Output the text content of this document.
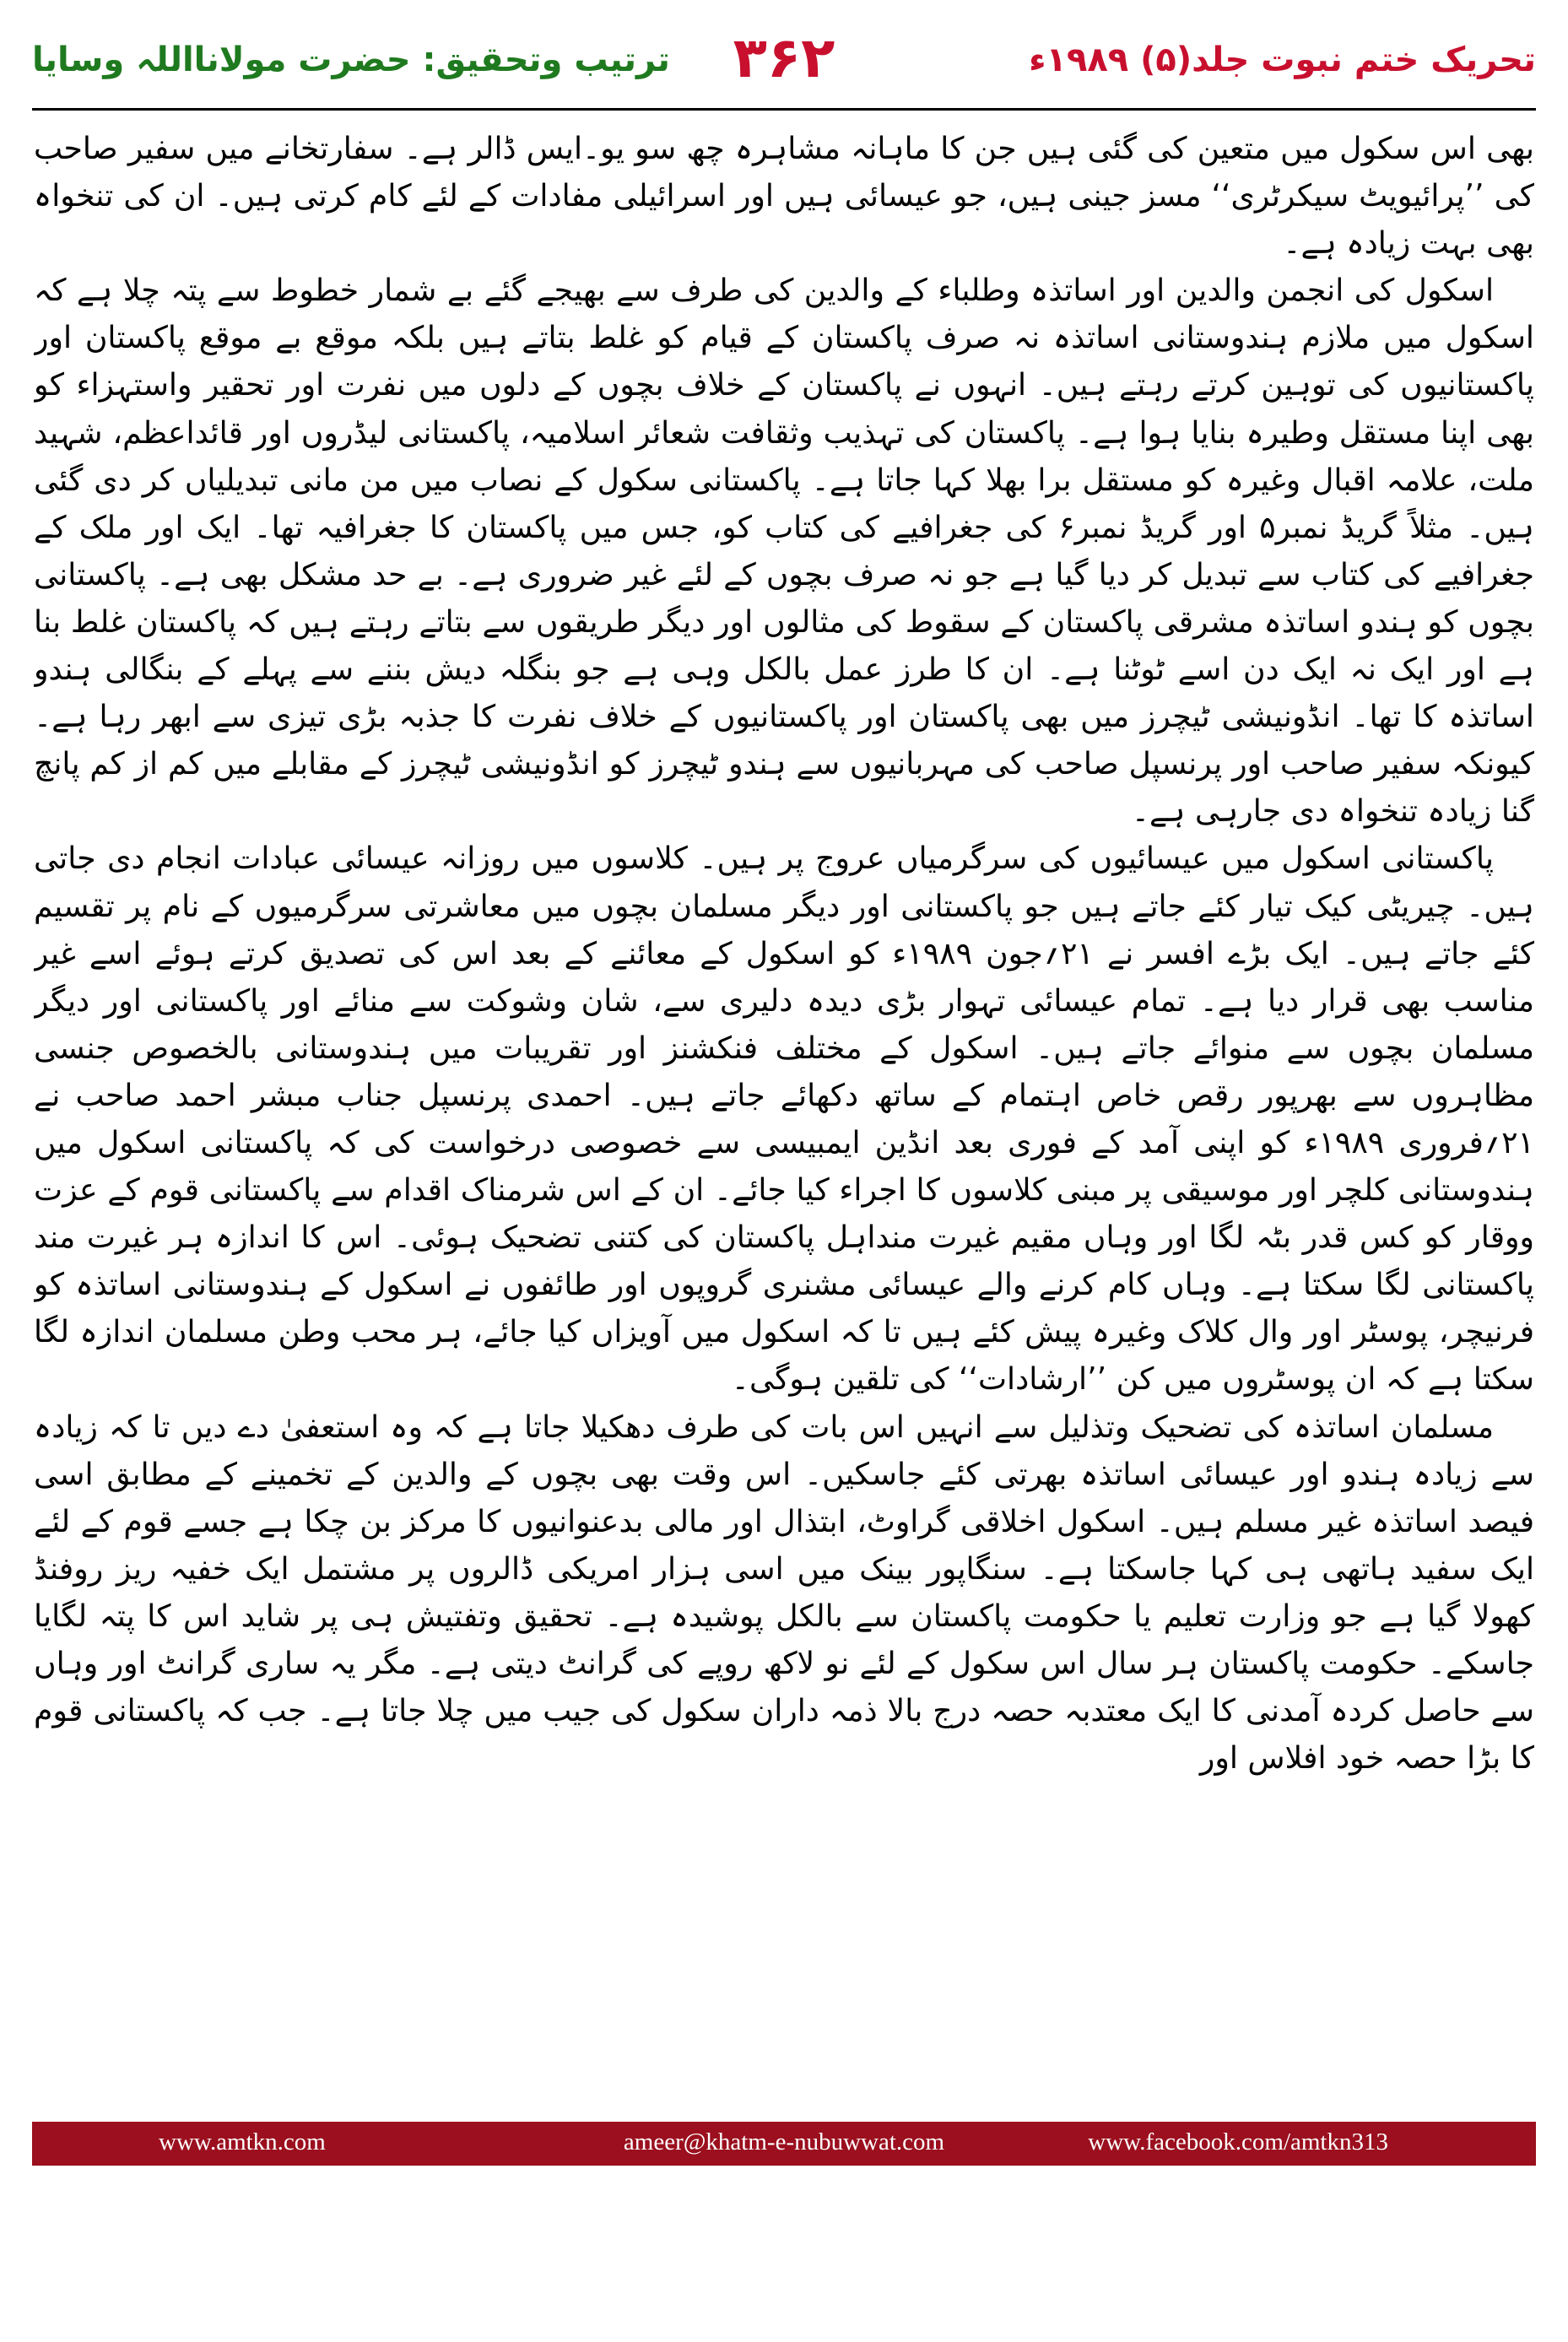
ترتیب وتحقیق: حضرت مولانااللہ وسایا	۳۶۲	تحریک ختم نبوت جلد(۵) ۱۹۸۹ء

بھی اس سکول میں متعین کی گئی ہیں جن کا ماہانہ مشاہرہ چھ سو یو۔ایس ڈالر ہے۔ سفارتخانے میں سفیر صاحب کی ’’پرائیویٹ سیکرٹری‘‘ مسز جینی ہیں، جو عیسائی ہیں اور اسرائیلی مفادات کے لئے کام کرتی ہیں۔ ان کی تنخواہ بھی بہت زیادہ ہے۔

اسکول کی انجمن والدین اور اساتذہ وطلباء کے والدین کی طرف سے بھیجے گئے بے شمار خطوط سے پتہ چلا ہے کہ اسکول میں ملازم ہندوستانی اساتذہ نہ صرف پاکستان کے قیام کو غلط بتاتے ہیں بلکہ موقع بے موقع پاکستان اور پاکستانیوں کی توہین کرتے رہتے ہیں۔ انہوں نے پاکستان کے خلاف بچوں کے دلوں میں نفرت اور تحقیر واستہزاء کو بھی اپنا مستقل وطیرہ بنایا ہوا ہے۔ پاکستان کی تہذیب وثقافت شعائر اسلامیہ، پاکستانی لیڈروں اور قائداعظم، شہید ملت، علامہ اقبال وغیرہ کو مستقل برا بھلا کہا جاتا ہے۔ پاکستانی سکول کے نصاب میں من مانی تبدیلیاں کر دی گئی ہیں۔ مثلاً گریڈ نمبر۵ اور گریڈ نمبر۶ کی جغرافیے کی کتاب کو، جس میں پاکستان کا جغرافیہ تھا۔ ایک اور ملک کے جغرافیے کی کتاب سے تبدیل کر دیا گیا ہے جو نہ صرف بچوں کے لئے غیر ضروری ہے۔ بے حد مشکل بھی ہے۔ پاکستانی بچوں کو ہندو اساتذہ مشرقی پاکستان کے سقوط کی مثالوں اور دیگر طریقوں سے بتاتے رہتے ہیں کہ پاکستان غلط بنا ہے اور ایک نہ ایک دن اسے ٹوٹنا ہے۔ ان کا طرز عمل بالکل وہی ہے جو بنگلہ دیش بننے سے پہلے کے بنگالی ہندو اساتذہ کا تھا۔ انڈونیشی ٹیچرز میں بھی پاکستان اور پاکستانیوں کے خلاف نفرت کا جذبہ بڑی تیزی سے ابھر رہا ہے۔ کیونکہ سفیر صاحب اور پرنسپل صاحب کی مہربانیوں سے ہندو ٹیچرز کو انڈونیشی ٹیچرز کے مقابلے میں کم از کم پانچ گنا زیادہ تنخواہ دی جارہی ہے۔

پاکستانی اسکول میں عیسائیوں کی سرگرمیاں عروج پر ہیں۔ کلاسوں میں روزانہ عیسائی عبادات انجام دی جاتی ہیں۔ چیریٹی کیک تیار کئے جاتے ہیں جو پاکستانی اور دیگر مسلمان بچوں میں معاشرتی سرگرمیوں کے نام پر تقسیم کئے جاتے ہیں۔ ایک بڑے افسر نے ۲۱؍جون ۱۹۸۹ء کو اسکول کے معائنے کے بعد اس کی تصدیق کرتے ہوئے اسے غیر مناسب بھی قرار دیا ہے۔ تمام عیسائی تہوار بڑی دیدہ دلیری سے، شان وشوکت سے منائے اور پاکستانی اور دیگر مسلمان بچوں سے منوائے جاتے ہیں۔ اسکول کے مختلف فنکشنز اور تقریبات میں ہندوستانی بالخصوص جنسی مظاہروں سے بھرپور رقص خاص اہتمام کے ساتھ دکھائے جاتے ہیں۔ احمدی پرنسپل جناب مبشر احمد صاحب نے ۲۱؍فروری ۱۹۸۹ء کو اپنی آمد کے فوری بعد انڈین ایمبیسی سے خصوصی درخواست کی کہ پاکستانی اسکول میں ہندوستانی کلچر اور موسیقی پر مبنی کلاسوں کا اجراء کیا جائے۔ ان کے اس شرمناک اقدام سے پاکستانی قوم کے عزت ووقار کو کس قدر بٹہ لگا اور وہاں مقیم غیرت منداہل پاکستان کی کتنی تضحیک ہوئی۔ اس کا اندازہ ہر غیرت مند پاکستانی لگا سکتا ہے۔ وہاں کام کرنے والے عیسائی مشنری گروپوں اور طائفوں نے اسکول کے ہندوستانی اساتذہ کو فرنیچر، پوسٹر اور وال کلاک وغیرہ پیش کئے ہیں تا کہ اسکول میں آویزاں کیا جائے، ہر محب وطن مسلمان اندازہ لگا سکتا ہے کہ ان پوسٹروں میں کن ’’ارشادات‘‘ کی تلقین ہوگی۔

مسلمان اساتذہ کی تضحیک وتذلیل سے انہیں اس بات کی طرف دھکیلا جاتا ہے کہ وہ استعفیٰ دے دیں تا کہ زیادہ سے زیادہ ہندو اور عیسائی اساتذہ بھرتی کئے جاسکیں۔ اس وقت بھی بچوں کے والدین کے تخمینے کے مطابق اسی فیصد اساتذہ غیر مسلم ہیں۔ اسکول اخلاقی گراوٹ، ابتذال اور مالی بدعنوانیوں کا مرکز بن چکا ہے جسے قوم کے لئے ایک سفید ہاتھی ہی کہا جاسکتا ہے۔ سنگاپور بینک میں اسی ہزار امریکی ڈالروں پر مشتمل ایک خفیہ ریز روفنڈ کھولا گیا ہے جو وزارت تعلیم یا حکومت پاکستان سے بالکل پوشیدہ ہے۔ تحقیق وتفتیش ہی پر شاید اس کا پتہ لگایا جاسکے۔ حکومت پاکستان ہر سال اس سکول کے لئے نو لاکھ روپے کی گرانٹ دیتی ہے۔ مگر یہ ساری گرانٹ اور وہاں سے حاصل کردہ آمدنی کا ایک معتدبہ حصہ درج بالا ذمہ داران سکول کی جیب میں چلا جاتا ہے۔ جب کہ پاکستانی قوم کا بڑا حصہ خود افلاس اور

www.amtkn.com	ameer@khatm-e-nubuwwat.com	www.facebook.com/amtkn313
